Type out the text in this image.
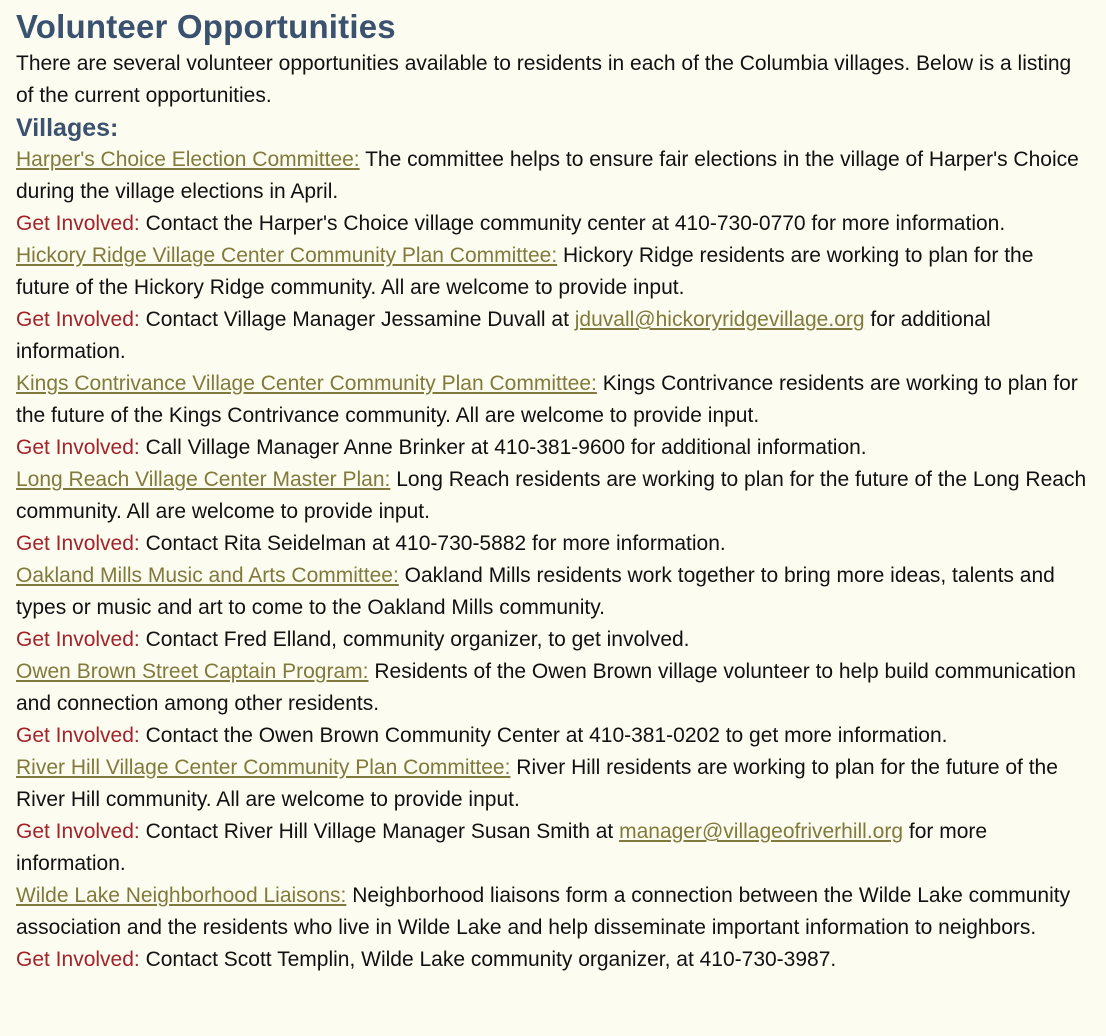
Volunteer Opportunities

There are several volunteer opportunities available to residents in each of the Columbia villages. Below is a listing of the current opportunities.

Villages:

Harper's Choice Election Committee: The committee helps to ensure fair elections in the village of Harper's Choice during the village elections in April.

Get Involved: Contact the Harper's Choice village community center at 410-730-0770 for more information.

Hickory Ridge Village Center Community Plan Committee: Hickory Ridge residents are working to plan for the future of the Hickory Ridge community. All are welcome to provide input.

Get Involved: Contact Village Manager Jessamine Duvall at jduvall@hickoryridgevillage.org for additional information.

Kings Contrivance Village Center Community Plan Committee: Kings Contrivance residents are working to plan for the future of the Kings Contrivance community. All are welcome to provide input.

Get Involved: Call Village Manager Anne Brinker at 410-381-9600 for additional information.

Long Reach Village Center Master Plan: Long Reach residents are working to plan for the future of the Long Reach community. All are welcome to provide input.

Get Involved: Contact Rita Seidelman at 410-730-5882 for more information.

Oakland Mills Music and Arts Committee: Oakland Mills residents work together to bring more ideas, talents and types or music and art to come to the Oakland Mills community.

Get Involved: Contact Fred Elland, community organizer, to get involved.

Owen Brown Street Captain Program: Residents of the Owen Brown village volunteer to help build communication and connection among other residents.

Get Involved: Contact the Owen Brown Community Center at 410-381-0202 to get more information.

River Hill Village Center Community Plan Committee: River Hill residents are working to plan for the future of the River Hill community. All are welcome to provide input.

Get Involved: Contact River Hill Village Manager Susan Smith at manager@villageofriverhill.org for more information.

Wilde Lake Neighborhood Liaisons: Neighborhood liaisons form a connection between the Wilde Lake community association and the residents who live in Wilde Lake and help disseminate important information to neighbors.

Get Involved: Contact Scott Templin, Wilde Lake community organizer, at 410-730-3987.
